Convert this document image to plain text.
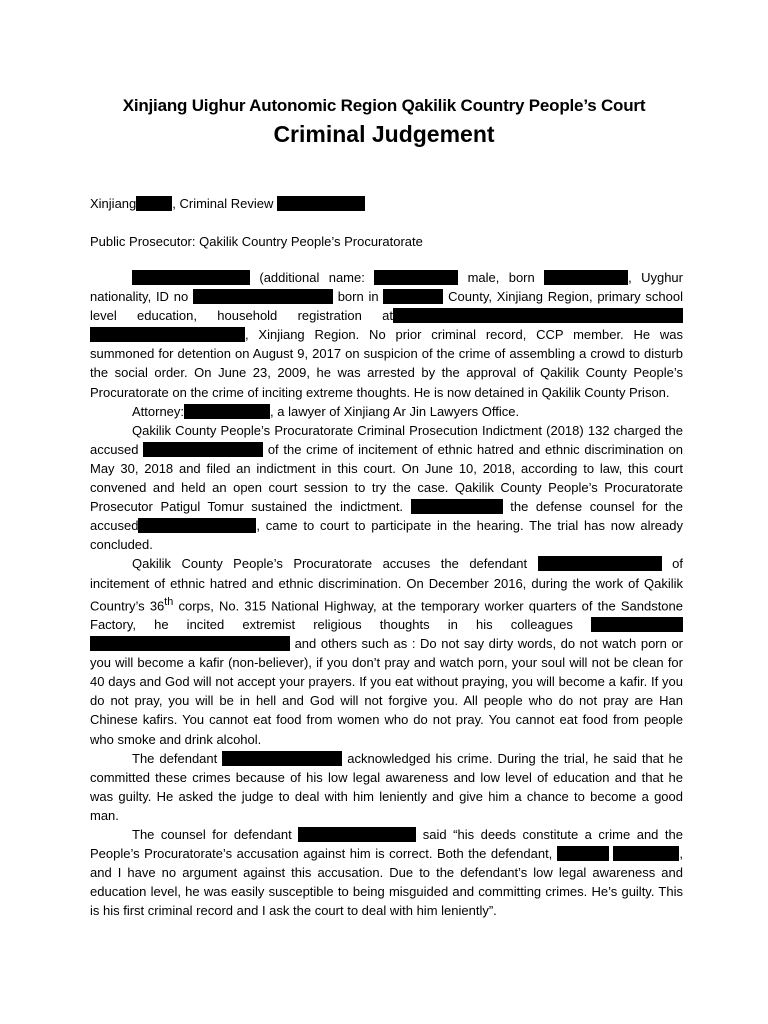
Xinjiang Uighur Autonomic Region Qakilik Country People’s Court
Criminal Judgement
Xinjiang	, Criminal Review
Public Prosecutor: Qakilik Country People’s Procuratorate

(additional name:	male, born	, Uyghur nationality, ID no	born in	County, Xinjiang Region, primary school level education, household registration at , Xinjiang Region. No prior criminal record, CCP member. He was summoned for detention on August 9, 2017 on suspicion of the crime of assembling a crowd to disturb the social order. On June 23, 2009, he was arrested by the approval of Qakilik County People’s Procuratorate on the crime of inciting extreme thoughts. He is now detained in Qakilik County Prison.

Attorney:	, a lawyer of Xinjiang Ar Jin Lawyers Office.

Qakilik County People’s Procuratorate Criminal Prosecution Indictment (2018) 132 charged the accused	of the crime of incitement of ethnic hatred and ethnic discrimination on May 30, 2018 and filed an indictment in this court. On June 10, 2018, according to law, this court convened and held an open court session to try the case. Qakilik County People’s Procuratorate Prosecutor Patigul Tomur sustained the indictment.	the defense counsel for the accused	, came to court to participate in the hearing. The trial has now already concluded.

Qakilik County People’s Procuratorate accuses the defendant	of incitement of ethnic hatred and ethnic discrimination. On December 2016, during the work of Qakilik Country’s 36th corps, No. 315 National Highway, at the temporary worker quarters of the Sandstone Factory, he incited extremist religious thoughts in his colleagues   and others such as : Do not say dirty words, do not watch porn or you will become a kafir (non-believer), if you don’t pray and watch porn, your soul will not be clean for 40 days and God will not accept your prayers. If you eat without praying, you will become a kafir. If you do not pray, you will be in hell and God will not forgive you. All people who do not pray are Han Chinese kafirs. You cannot eat food from women who do not pray. You cannot eat food from people who smoke and drink alcohol.

The defendant	acknowledged his crime. During the trial, he said that he committed these crimes because of his low legal awareness and low level of education and that he was guilty. He asked the judge to deal with him leniently and give him a chance to become a good man.

The counsel for defendant	said “his deeds constitute a crime and the People’s Procuratorate’s accusation against him is correct. Both the defendant,	, and I have no argument against this accusation. Due to the defendant’s low legal awareness and education level, he was easily susceptible to being misguided and committing crimes. He’s guilty. This is his first criminal record and I ask the court to deal with him leniently”.
